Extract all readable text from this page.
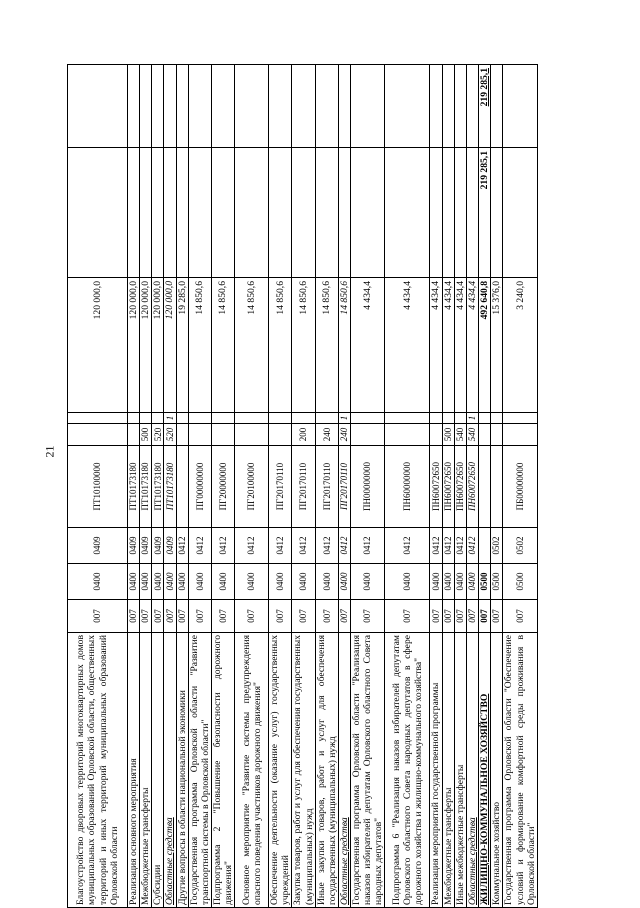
21
Благоустройство дворовых территорий многоквартирных домов муниципальных образований Орловской области, общественных территорий и иных территорий муниципальных образований Орловской области	007	0400	0409	ПТ10100000			120 000,0		
Реализация основного мероприятия	007	0400	0409	ПТ10173180			120 000,0		
Межбюджетные трансферты	007	0400	0409	ПТ10173180	500		120 000,0		
Субсидии	007	0400	0409	ПТ10173180	520		120 000,0		
Областные средства	007	0400	0409	ПТ10173180	520	1	120 000,0		
Другие вопросы в области национальной экономики	007	0400	0412				19 285,0		
Государственная программа Орловской области "Развитие транспортной системы в Орловской области"	007	0400	0412	ПГ00000000			14 850,6		
Подпрограмма 2 "Повышение безопасности дорожного движения"	007	0400	0412	ПГ20000000			14 850,6		
Основное мероприятие "Развитие системы предупреждения опасного поведения участников дорожного движения"	007	0400	0412	ПГ20100000			14 850,6		
Обеспечение деятельности (оказание услуг) государственных учреждений	007	0400	0412	ПГ20170110			14 850,6		
Закупка товаров, работ и услуг для обеспечения государственных (муниципальных) нужд	007	0400	0412	ПГ20170110	200		14 850,6		
Иные закупки товаров, работ и услуг для обеспечения государственных (муниципальных) нужд	007	0400	0412	ПГ20170110	240		14 850,6		
Областные средства	007	0400	0412	ПГ20170110	240	1	14 850,6		
Государственная программа Орловской области "Реализация наказов избирателей депутатам Орловского областного Совета народных депутатов"	007	0400	0412	ПН00000000			4 434,4		
Подпрограмма 6 "Реализация наказов избирателей депутатам Орловского областного Совета народных депутатов в сфере дорожного хозяйства и жилищно-коммунального хозяйства"	007	0400	0412	ПН60000000			4 434,4		
Реализация мероприятий государственной программы	007	0400	0412	ПН60072650			4 434,4		
Межбюджетные трансферты	007	0400	0412	ПН60072650	500		4 434,4		
Иные межбюджетные трансферты	007	0400	0412	ПН60072650	540		4 434,4		
Областные средства	007	0400	0412	ПН60072650	540	1	4 434,4		
ЖИЛИЩНО-КОММУНАЛЬНОЕ ХОЗЯЙСТВО	007	0500					492 640,8	219 285,1	219 285,1
Коммунальное хозяйство	007	0500	0502				15 376,0		
Государственная программа Орловской области "Обеспечение условий и формирование комфортной среды проживания в Орловской области"	007	0500	0502	ПБ00000000			3 240,0		
